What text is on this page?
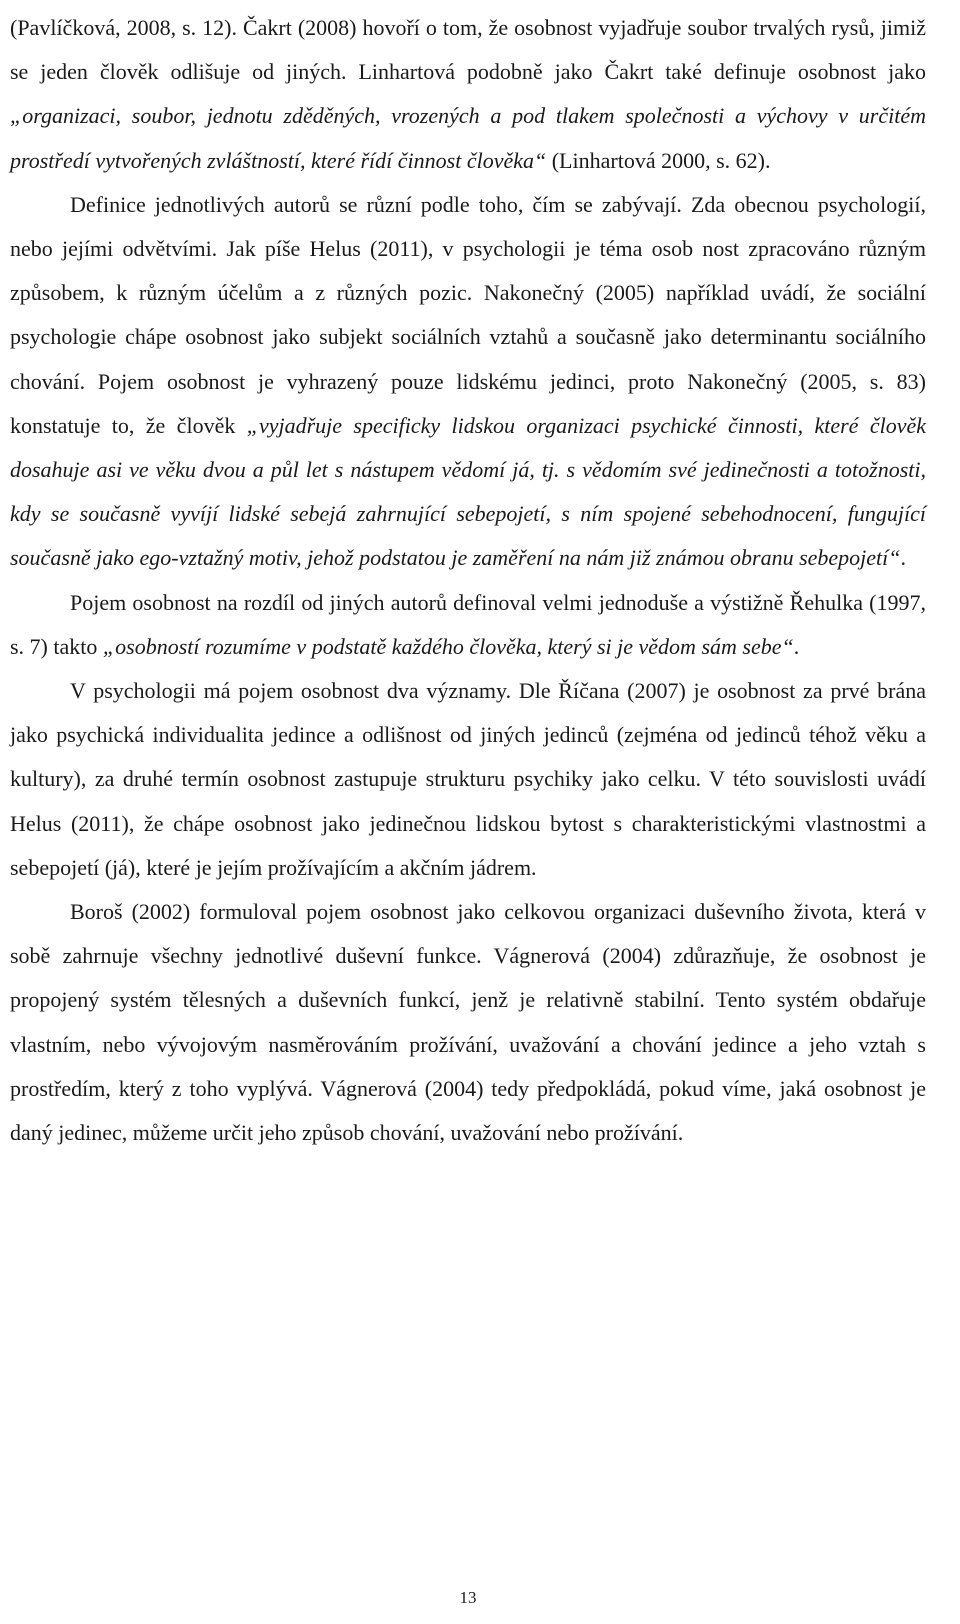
(Pavlíčková, 2008, s. 12). Čakrt (2008) hovoří o tom, že osobnost vyjadřuje soubor trvalých rysů, jimiž se jeden člověk odlišuje od jiných. Linhartová podobně jako Čakrt také definuje osobnost jako „organizaci, soubor, jednotu zděděných, vrozených a pod tlakem společnosti a výchovy v určitém prostředí vytvořených zvláštností, které řídí činnost člověka“ (Linhartová 2000, s. 62).

Definice jednotlivých autorů se různí podle toho, čím se zabývají. Zda obecnou psychologií, nebo jejími odvětvími. Jak píše Helus (2011), v psychologii je téma osob nost zpracováno různým způsobem, k různým účelům a z různých pozic. Nakonečný (2005) například uvádí, že sociální psychologie chápe osobnost jako subjekt sociálních vztahů a současně jako determinantu sociálního chování. Pojem osobnost je vyhrazený pouze lidskému jedinci, proto Nakonečný (2005, s. 83) konstatuje to, že člověk „vyjadřuje specificky lidskou organizaci psychické činnosti, které člověk dosahuje asi ve věku dvou a půl let s nástupem vědomí já, tj. s vědomím své jedinečnosti a totožnosti, kdy se současně vyvíjí lidské sebejá zahrnující sebepojetí, s ním spojené sebehodnocení, fungující současně jako ego-vztažný motiv, jehož podstatou je zaměření na nám již známou obranu sebepojetí“.

Pojem osobnost na rozdíl od jiných autorů definoval velmi jednoduše a výstižně Řehulka (1997, s. 7) takto „osobností rozumíme v podstatě každého člověka, který si je vědom sám sebe“.

V psychologii má pojem osobnost dva významy. Dle Říčana (2007) je osobnost za prvé brána jako psychická individualita jedince a odlišnost od jiných jedinců (zejména od jedinců téhož věku a kultury), za druhé termín osobnost zastupuje strukturu psychiky jako celku. V této souvislosti uvádí Helus (2011), že chápe osobnost jako jedinečnou lidskou bytost s charakteristickými vlastnostmi a sebepojetí (já), které je jejím prožívajícím a akčním jádrem.

Boroš (2002) formuloval pojem osobnost jako celkovou organizaci duševního života, která v sobě zahrnuje všechny jednotlivé duševní funkce. Vágnerová (2004) zdůrazňuje, že osobnost je propojený systém tělesných a duševních funkcí, jenž je relativně stabilní. Tento systém obdařuje vlastním, nebo vývojovým nasměrováním prožívání, uvažování a chování jedince a jeho vztah s prostředím, který z toho vyplývá. Vágnerová (2004) tedy předpokládá, pokud víme, jaká osobnost je daný jedinec, můžeme určit jeho způsob chování, uvažování nebo prožívání.

13
